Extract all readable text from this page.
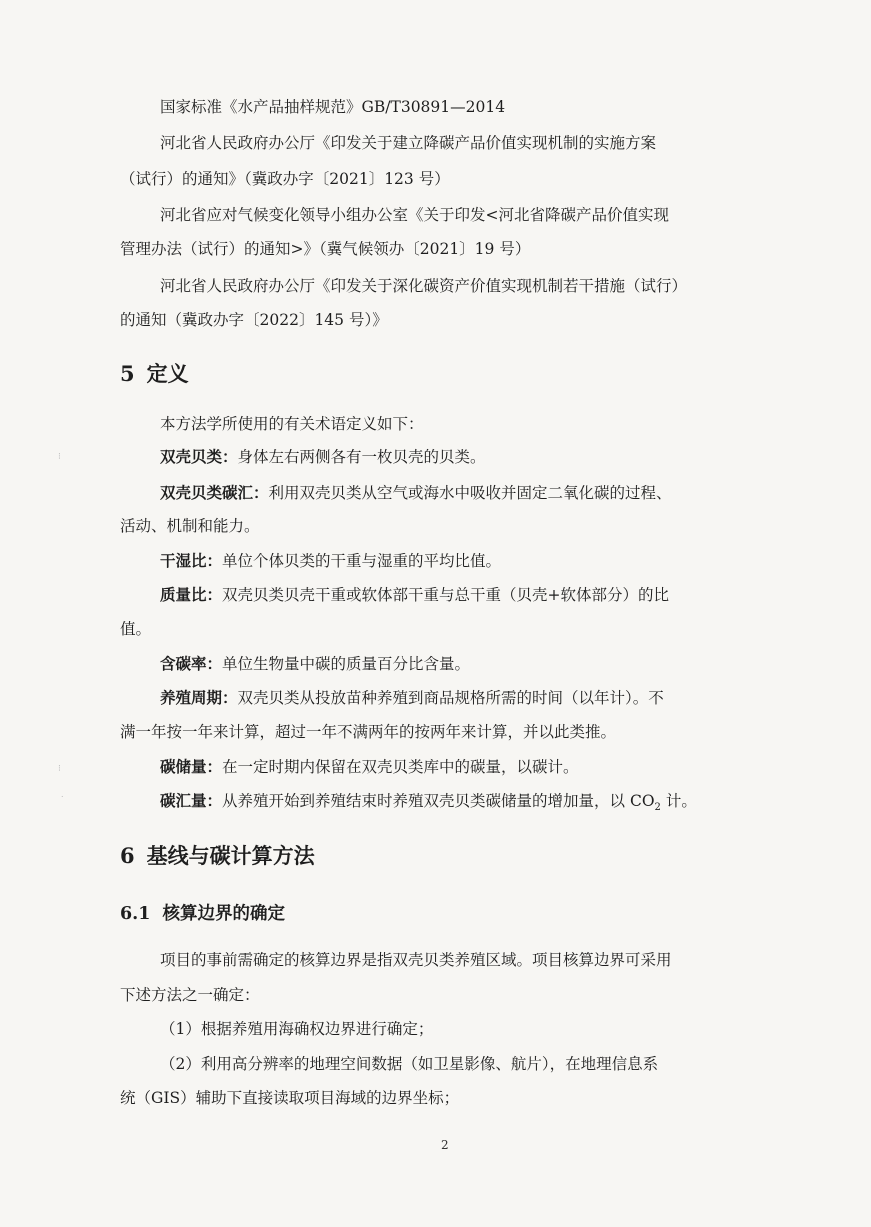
国家标准《水产品抽样规范》GB/T30891—2014
河北省人民政府办公厅《印发关于建立降碳产品价值实现机制的实施方案
（试行）的通知》（冀政办字〔2021〕123 号）
河北省应对气候变化领导小组办公室《关于印发<河北省降碳产品价值实现
管理办法（试行）的通知>》（冀气候领办〔2021〕19 号）
河北省人民政府办公厅《印发关于深化碳资产价值实现机制若干措施（试行）
的通知（冀政办字〔2022〕145 号）》
5 定义
本方法学所使用的有关术语定义如下：
双壳贝类：身体左右两侧各有一枚贝壳的贝类。
双壳贝类碳汇：利用双壳贝类从空气或海水中吸收并固定二氧化碳的过程、
活动、机制和能力。
干湿比：单位个体贝类的干重与湿重的平均比值。
质量比：双壳贝类贝壳干重或软体部干重与总干重（贝壳+软体部分）的比
值。
含碳率：单位生物量中碳的质量百分比含量。
养殖周期：双壳贝类从投放苗种养殖到商品规格所需的时间（以年计）。不
满一年按一年来计算，超过一年不满两年的按两年来计算，并以此类推。
碳储量：在一定时期内保留在双壳贝类库中的碳量，以碳计。
碳汇量：从养殖开始到养殖结束时养殖双壳贝类碳储量的增加量，以 $CO_2$ 计。
6 基线与碳计算方法
6.1 核算边界的确定
项目的事前需确定的核算边界是指双壳贝类养殖区域。项目核算边界可采用
下述方法之一确定：
（1）根据养殖用海确权边界进行确定；
（2）利用高分辨率的地理空间数据（如卫星影像、航片），在地理信息系
统（GIS）辅助下直接读取项目海域的边界坐标；
2
⁝
⁝
˙
